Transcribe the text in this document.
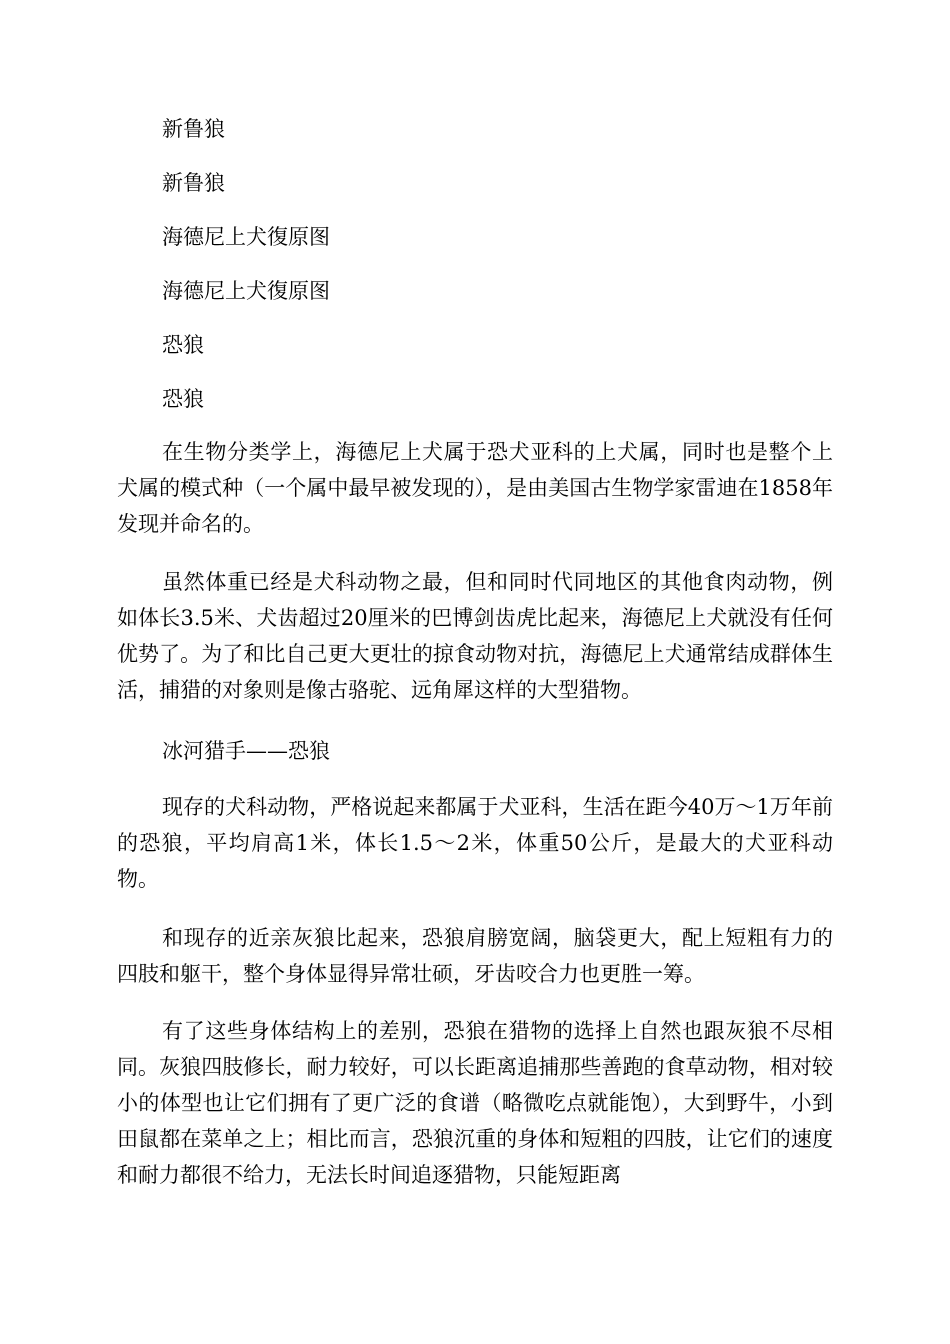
新鲁狼
新鲁狼
海德尼上犬復原图
海德尼上犬復原图
恐狼
恐狼

在生物分类学上，海德尼上犬属于恐犬亚科的上犬属，同时也是整个上犬属的模式种（一个属中最早被发现的），是由美国古生物学家雷迪在1858年发现并命名的。

虽然体重已经是犬科动物之最，但和同时代同地区的其他食肉动物，例如体长3.5米、犬齿超过20厘米的巴博剑齿虎比起来，海德尼上犬就没有任何优势了。为了和比自己更大更壮的掠食动物对抗，海德尼上犬通常结成群体生活，捕猎的对象则是像古骆驼、远角犀这样的大型猎物。

冰河猎手——恐狼

现存的犬科动物，严格说起来都属于犬亚科，生活在距今40万～1万年前的恐狼，平均肩高1米，体长1.5～2米，体重50公斤，是最大的犬亚科动物。

和现存的近亲灰狼比起来，恐狼肩膀宽阔，脑袋更大，配上短粗有力的四肢和躯干，整个身体显得异常壮硕，牙齿咬合力也更胜一筹。

有了这些身体结构上的差别，恐狼在猎物的选择上自然也跟灰狼不尽相同。灰狼四肢修长，耐力较好，可以长距离追捕那些善跑的食草动物，相对较小的体型也让它们拥有了更广泛的食谱（略微吃点就能饱），大到野牛，小到田鼠都在菜单之上；相比而言，恐狼沉重的身体和短粗的四肢，让它们的速度和耐力都很不给力，无法长时间追逐猎物，只能短距离
